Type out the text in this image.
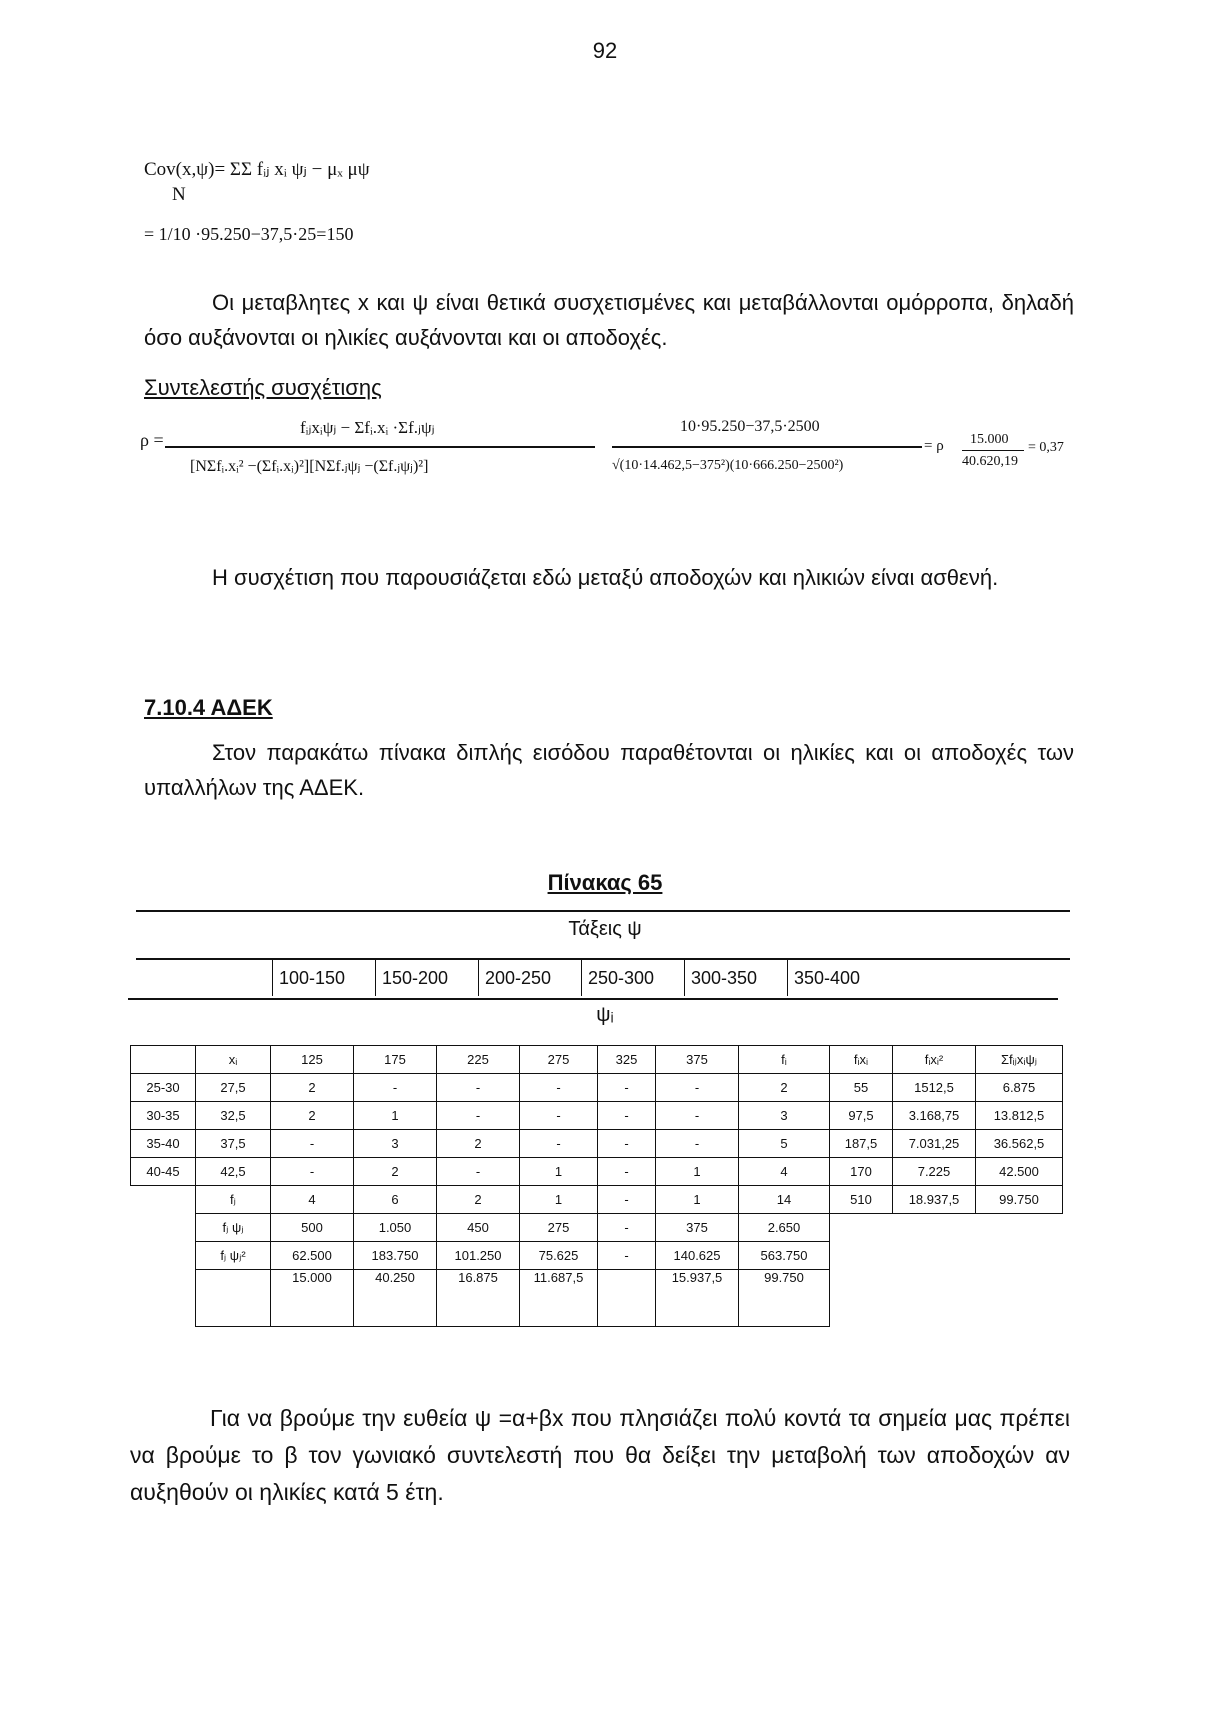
92
Cov(x,ψ)= ΣΣ fᵢⱼ xᵢ ψⱼ − μₓ μψ
N
= 1/10 ·95.250−37,5·25=150
Οι μεταβλητες x και ψ είναι θετικά συσχετισμένες και μεταβάλλονται ομόρροπα, δηλαδή όσο αυξάνονται οι ηλικίες αυξάνονται και οι αποδοχές.
Συντελεστής συσχέτισης
ρ =
fᵢⱼxᵢψⱼ − Σfᵢ.xᵢ ·Σf.ⱼψⱼ
[NΣfᵢ.xᵢ² −(Σfᵢ.xᵢ)²][NΣf.ⱼψⱼ −(Σf.ⱼψⱼ)²]
10·95.250−37,5·2500
√(10·14.462,5−375²)(10·666.250−2500²)
= ρ 15.000
40.620,19
= 0,37
Η συσχέτιση που παρουσιάζεται εδώ μεταξύ αποδοχών και ηλικιών είναι ασθενή.
7.10.4 ΑΔΕΚ
Στον παρακάτω πίνακα διπλής εισόδου παραθέτονται οι ηλικίες και οι αποδοχές των υπαλλήλων της ΑΔΕΚ.
Πίνακας 65
Τάξεις ψ
100-150	150-200	200-250	250-300	300-350	350-400
ψᵢ
	xᵢ	125	175	225	275	325	375	fᵢ	fᵢxᵢ	fᵢxᵢ²	Σfᵢⱼxᵢψⱼ
25-30	27,5	2	-	-	-	-	-	2	55	1512,5	6.875
30-35	32,5	2	1	-	-	-	-	3	97,5	3.168,75	13.812,5
35-40	37,5	-	3	2	-	-	-	5	187,5	7.031,25	36.562,5
40-45	42,5	-	2	-	1	-	1	4	170	7.225	42.500
	fⱼ	4	6	2	1	-	1	14	510	18.937,5	99.750
	fⱼ ψⱼ	500	1.050	450	275	-	375	2.650			
	fⱼ ψⱼ²	62.500	183.750	101.250	75.625	-	140.625	563.750			
		15.000	40.250	16.875	11.687,5		15.937,5	99.750			
Για να βρούμε την ευθεία ψ =α+βx που πλησιάζει πολύ κοντά τα σημεία μας πρέπει να βρούμε το β τον γωνιακό συντελεστή που θα δείξει την μεταβολή των αποδοχών αν αυξηθούν οι ηλικίες κατά 5 έτη.
